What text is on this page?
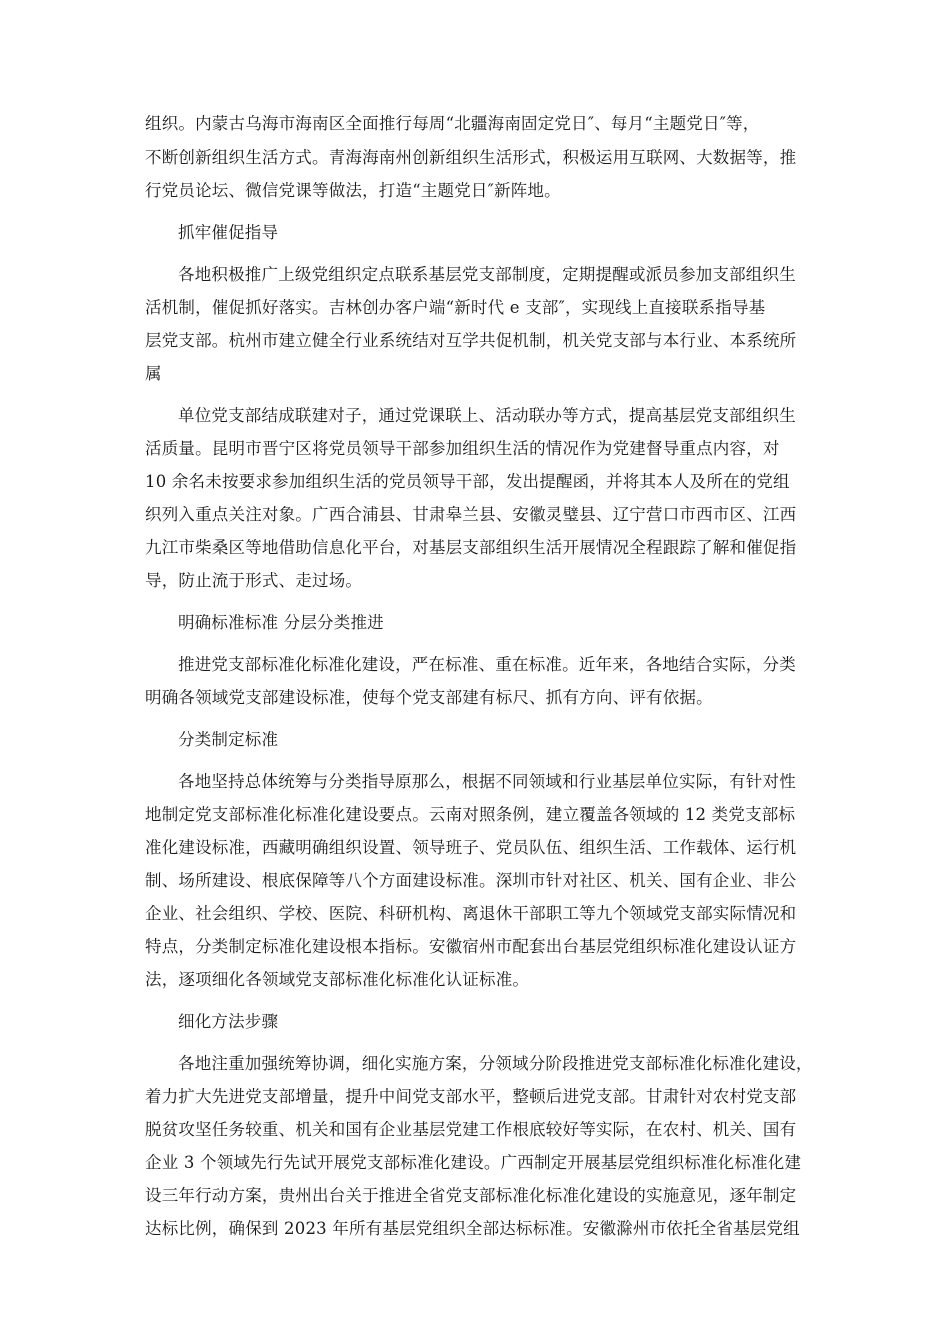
组织。内蒙古乌海市海南区全面推行每周“北疆海南固定党日″、每月“主题党日″等，
不断创新组织生活方式。青海海南州创新组织生活形式，积极运用互联网、大数据等，推
行党员论坛、微信党课等做法，打造“主题党日″新阵地。
抓牢催促指导
各地积极推广上级党组织定点联系基层党支部制度，定期提醒或派员参加支部组织生
活机制，催促抓好落实。吉林创办客户端“新时代 e 支部″，实现线上直接联系指导基
层党支部。杭州市建立健全行业系统结对互学共促机制，机关党支部与本行业、本系统所
属
单位党支部结成联建对子，通过党课联上、活动联办等方式，提高基层党支部组织生
活质量。昆明市晋宁区将党员领导干部参加组织生活的情况作为党建督导重点内容，对
10 余名未按要求参加组织生活的党员领导干部，发出提醒函，并将其本人及所在的党组
织列入重点关注对象。广西合浦县、甘肃皋兰县、安徽灵璧县、辽宁营口市西市区、江西
九江市柴桑区等地借助信息化平台，对基层支部组织生活开展情况全程跟踪了解和催促指
导，防止流于形式、走过场。
明确标准标准 分层分类推进
推进党支部标准化标准化建设，严在标准、重在标准。近年来，各地结合实际，分类
明确各领域党支部建设标准，使每个党支部建有标尺、抓有方向、评有依据。
分类制定标准
各地坚持总体统筹与分类指导原那么，根据不同领域和行业基层单位实际，有针对性
地制定党支部标准化标准化建设要点。云南对照条例，建立覆盖各领域的 12 类党支部标
准化建设标准，西藏明确组织设置、领导班子、党员队伍、组织生活、工作载体、运行机
制、场所建设、根底保障等八个方面建设标准。深圳市针对社区、机关、国有企业、非公
企业、社会组织、学校、医院、科研机构、离退休干部职工等九个领域党支部实际情况和
特点，分类制定标准化建设根本指标。安徽宿州市配套出台基层党组织标准化建设认证方
法，逐项细化各领域党支部标准化标准化认证标准。
细化方法步骤
各地注重加强统筹协调，细化实施方案，分领域分阶段推进党支部标准化标准化建设，
着力扩大先进党支部增量，提升中间党支部水平，整顿后进党支部。甘肃针对农村党支部
脱贫攻坚任务较重、机关和国有企业基层党建工作根底较好等实际，在农村、机关、国有
企业 3 个领域先行先试开展党支部标准化建设。广西制定开展基层党组织标准化标准化建
设三年行动方案，贵州出台关于推进全省党支部标准化标准化建设的实施意见，逐年制定
达标比例，确保到 2023 年所有基层党组织全部达标标准。安徽滁州市依托全省基层党组
